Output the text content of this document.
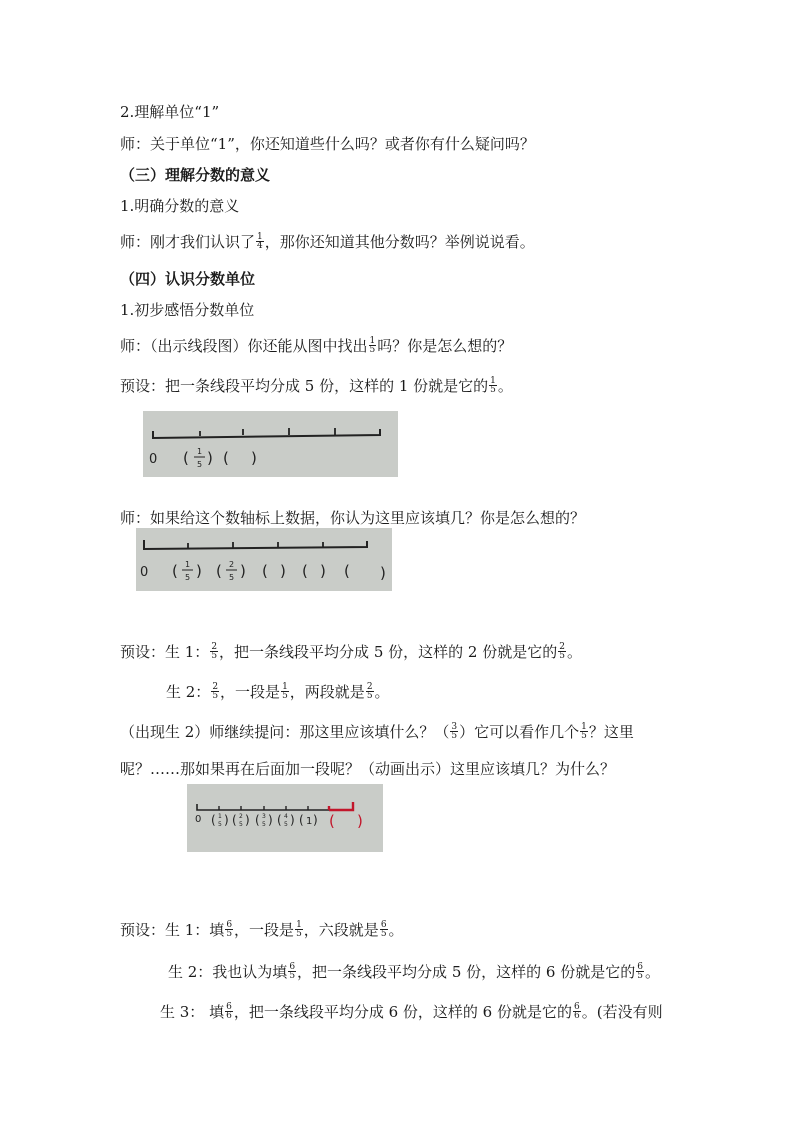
2.理解单位“1”
师：关于单位“1”，你还知道些什么吗？或者你有什么疑问吗？
（三）理解分数的意义
1.明确分数的意义
师：刚才我们认识了 $\frac{1}{4}$ ，那你还知道其他分数吗？举例说说看。
（四）认识分数单位
1.初步感悟分数单位
师：（出示线段图）你还能从图中找出 $\frac{1}{5}$ 吗？你是怎么想的？
预设：把一条线段平均分成 5 份，这样的 1 份就是它的 $\frac{1}{5}$ 。
0 ( 1
5 ) ( )
师：如果给这个数轴标上数据，你认为这里应该填几？你是怎么想的？
0 ( 1
5 ) ( 2
5 ) ( ) ( ) ( )
预设：生 1： $\frac{2}{5}$ ，把一条线段平均分成 5 份，这样的 2 份就是它的 $\frac{2}{5}$ 。
生 2： $\frac{2}{5}$ ，一段是 $\frac{1}{5}$ ，两段就是 $\frac{2}{5}$ 。
（出现生 2）师继续提问：那这里应该填什么？（ $\frac{3}{5}$ ）它可以看作几个 $\frac{1}{5}$ ？这里
呢？……那如果再在后面加一段呢？（动画出示）这里应该填几？为什么？
0 ( 1
5 ) ( 2
5 ) ( 3
5 ) ( 4
5 ) ( 1 ) ( )
预设：生 1：填 $\frac{6}{5}$ ，一段是 $\frac{1}{5}$ ，六段就是 $\frac{6}{5}$ 。
生 2：我也认为填 $\frac{6}{5}$ ，把一条线段平均分成 5 份，这样的 6 份就是它的 $\frac{6}{5}$ 。
生 3： 填 $\frac{6}{6}$ ，把一条线段平均分成 6 份，这样的 6 份就是它的 $\frac{6}{6}$ 。(若没有则
